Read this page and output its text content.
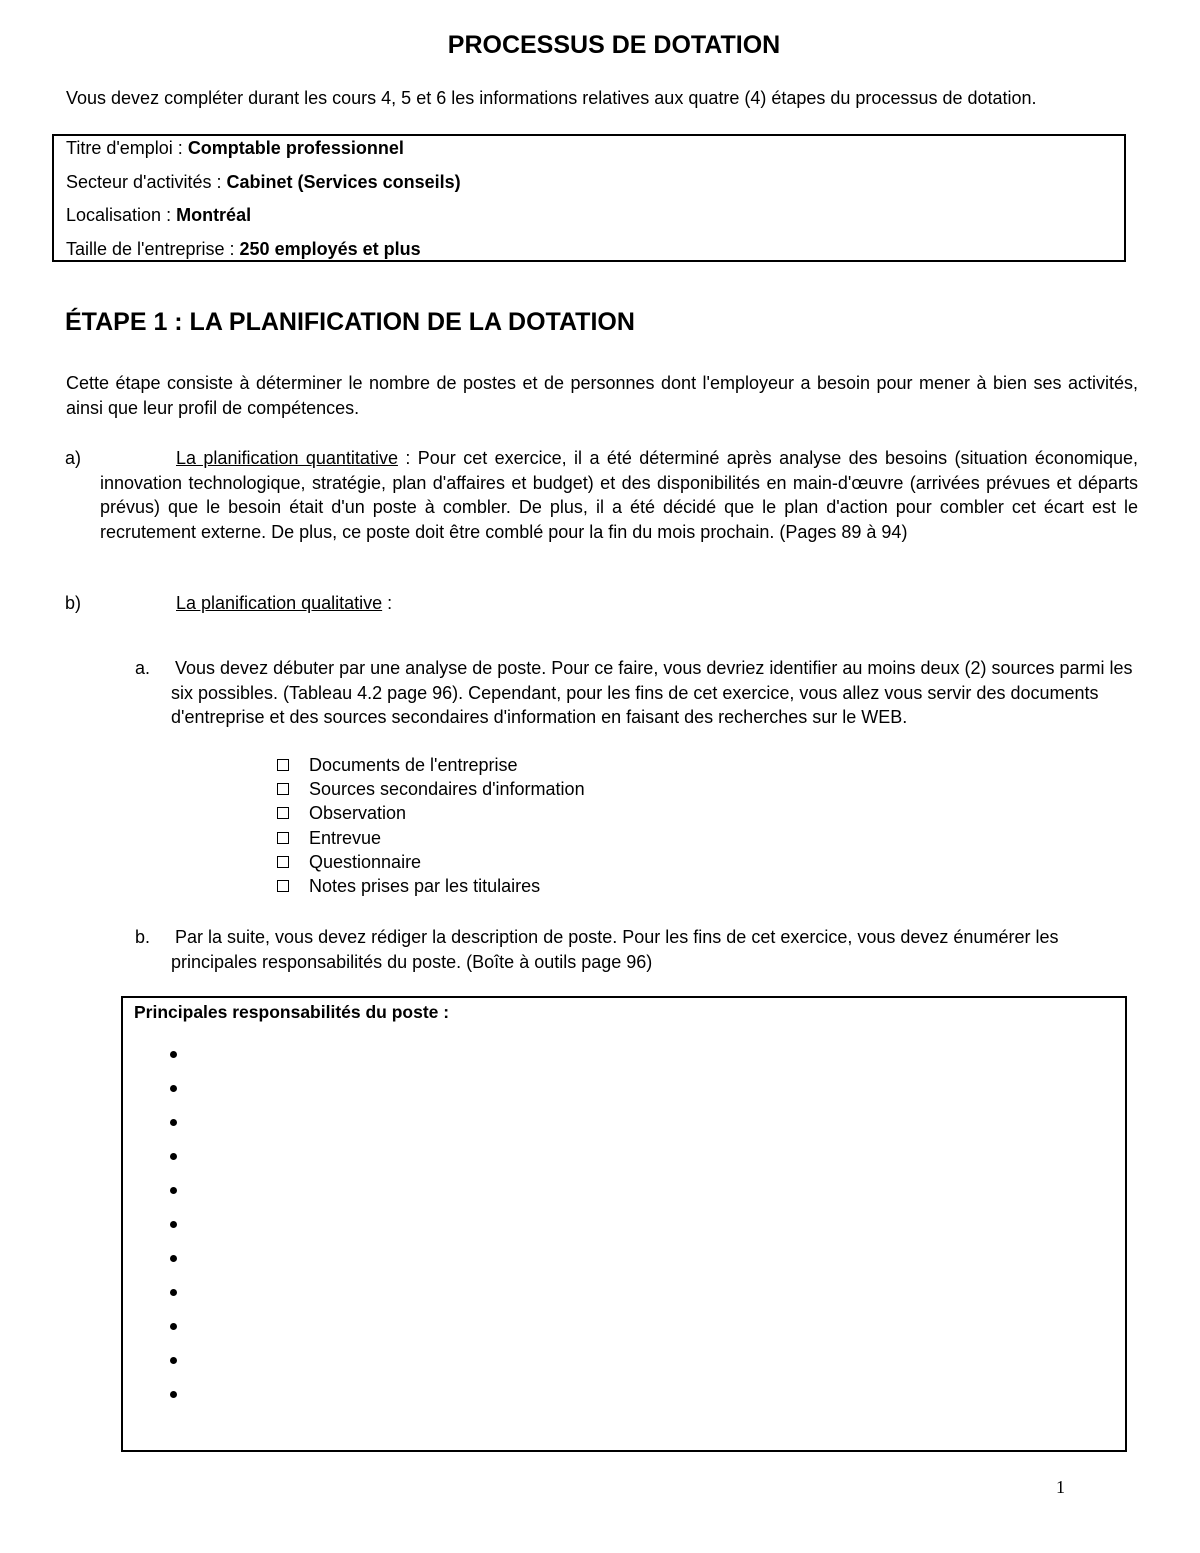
PROCESSUS DE DOTATION
Vous devez compléter durant les cours 4, 5 et 6 les informations relatives aux quatre (4) étapes du processus de dotation.
Titre d'emploi : Comptable professionnel
Secteur d'activités : Cabinet (Services conseils)
Localisation : Montréal
Taille de l'entreprise : 250 employés et plus
ÉTAPE 1 : LA PLANIFICATION DE LA DOTATION
Cette étape consiste à déterminer le nombre de postes et de personnes dont l'employeur a besoin pour mener à bien ses activités, ainsi que leur profil de compétences.
a)	La planification quantitative : Pour cet exercice, il a été déterminé après analyse des besoins (situation économique, innovation technologique, stratégie, plan d'affaires et budget) et des disponibilités en main-d'œuvre (arrivées prévues et départs prévus) que le besoin était d'un poste à combler. De plus, il a été décidé que le plan d'action pour combler cet écart est le recrutement externe. De plus, ce poste doit être comblé pour la fin du mois prochain. (Pages 89 à 94)
b)	La planification qualitative :
a. Vous devez débuter par une analyse de poste. Pour ce faire, vous devriez identifier au moins deux (2) sources parmi les six possibles. (Tableau 4.2 page 96). Cependant, pour les fins de cet exercice, vous allez vous servir des documents d'entreprise et des sources secondaires d'information en faisant des recherches sur le WEB.
Documents de l'entreprise
Sources secondaires d'information
Observation
Entrevue
Questionnaire
Notes prises par les titulaires
b. Par la suite, vous devez rédiger la description de poste. Pour les fins de cet exercice, vous devez énumérer les principales responsabilités du poste. (Boîte à outils page 96)
Principales responsabilités du poste :
1
